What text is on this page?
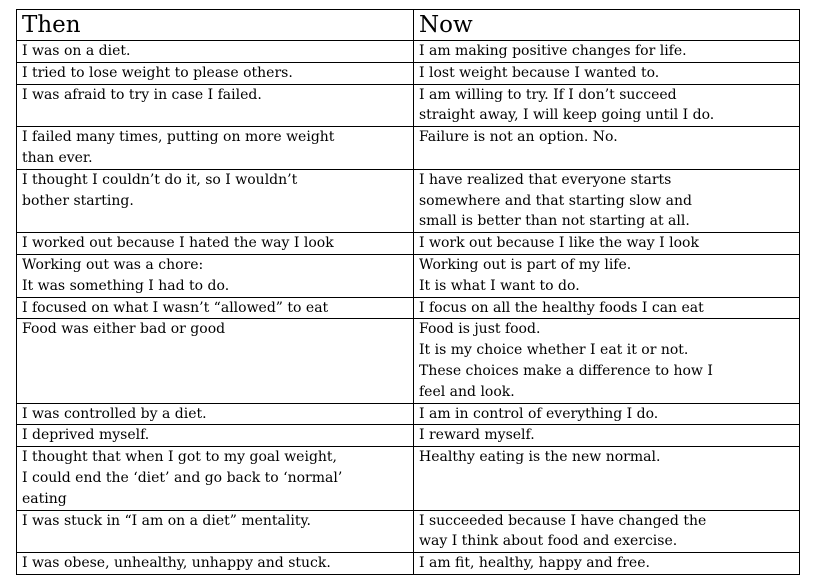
Then	Now

I was on a diet.	I am making positive changes for life.

I tried to lose weight to please others.	I lost weight because I wanted to.

I was afraid to try in case I failed.	I am willing to try. If I don’t succeed
straight away, I will keep going until I do.

I failed many times, putting on more weight
than ever.	Failure is not an option. No.

I thought I couldn’t do it, so I wouldn’t
bother starting.	I have realized that everyone starts
somewhere and that starting slow and
small is better than not starting at all.

I worked out because I hated the way I look	I work out because I like the way I look

Working out was a chore:
It was something I had to do.	Working out is part of my life.
It is what I want to do.

I focused on what I wasn’t “allowed” to eat	I focus on all the healthy foods I can eat

Food was either bad or good	Food is just food.
It is my choice whether I eat it or not.
These choices make a difference to how I
feel and look.

I was controlled by a diet.	I am in control of everything I do.

I deprived myself.	I reward myself.

I thought that when I got to my goal weight,
I could end the ‘diet’ and go back to ‘normal’
eating	Healthy eating is the new normal.

I was stuck in “I am on a diet” mentality.	I succeeded because I have changed the
way I think about food and exercise.

I was obese, unhealthy, unhappy and stuck.	I am fit, healthy, happy and free.
